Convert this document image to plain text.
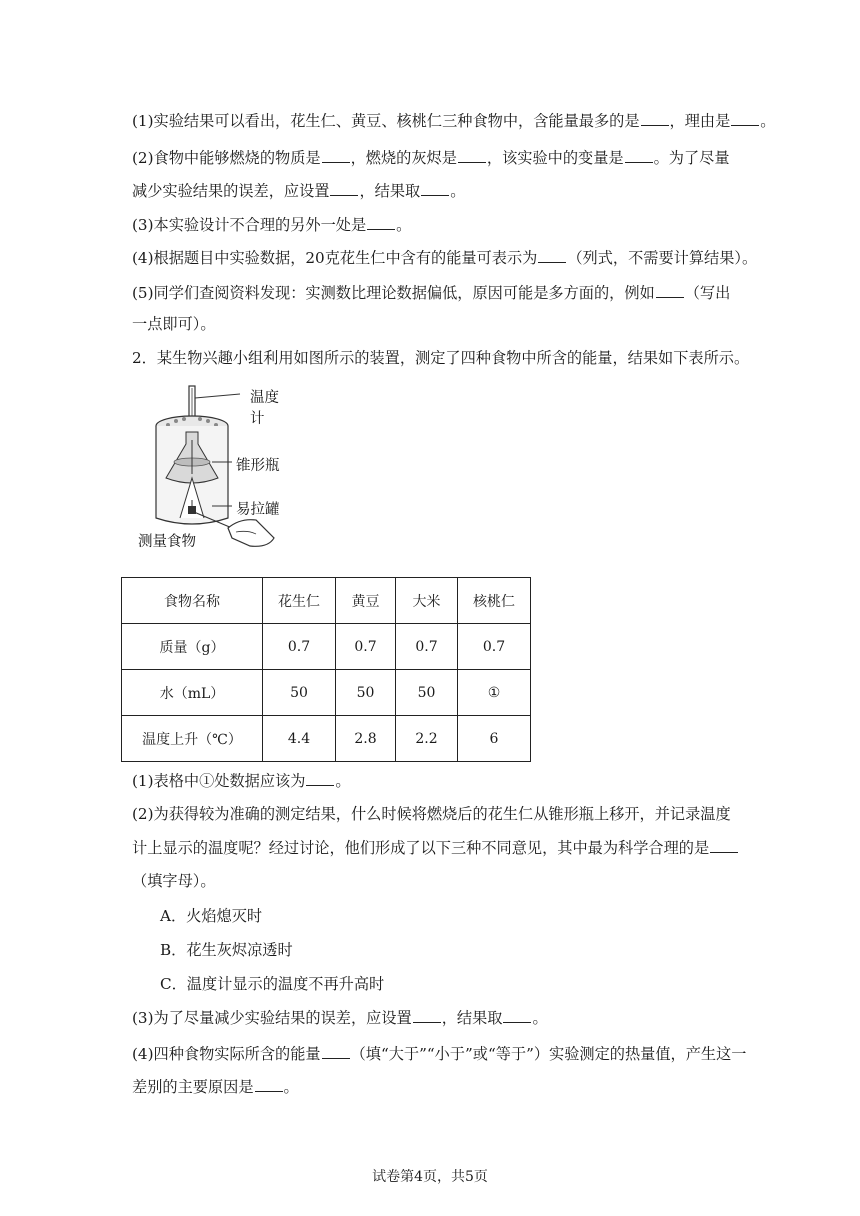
(1)实验结果可以看出，花生仁、黄豆、核桃仁三种食物中，含能量最多的是 ，理由是 。
(2)食物中能够燃烧的物质是 ，燃烧的灰烬是 ，该实验中的变量是 。为了尽量
减少实验结果的误差，应设置 ，结果取 。
(3)本实验设计不合理的另外一处是 。
(4)根据题目中实验数据，20克花生仁中含有的能量可表示为 （列式，不需要计算结果）。
(5)同学们查阅资料发现：实测数比理论数据偏低，原因可能是多方面的，例如 （写出
一点即可）。
2．某生物兴趣小组利用如图所示的装置，测定了四种食物中所含的能量，结果如下表所示。
温度计
锥形瓶
易拉罐
测量食物
食物名称	花生仁	黄豆	大米	核桃仁
质量（g）	0.7	0.7	0.7	0.7
水（mL）	50	50	50	①
温度上升（℃）	4.4	2.8	2.2	6
(1)表格中①处数据应该为 。
(2)为获得较为准确的测定结果，什么时候将燃烧后的花生仁从锥形瓶上移开，并记录温度
计上显示的温度呢？经过讨论，他们形成了以下三种不同意见，其中最为科学合理的是
（填字母）。
A．火焰熄灭时
B．花生灰烬凉透时
C．温度计显示的温度不再升高时
(3)为了尽量减少实验结果的误差，应设置 ，结果取 。
(4)四种食物实际所含的能量 （填“大于”“小于”或“等于”）实验测定的热量值，产生这一
差别的主要原因是 。
试卷第4页，共5页
